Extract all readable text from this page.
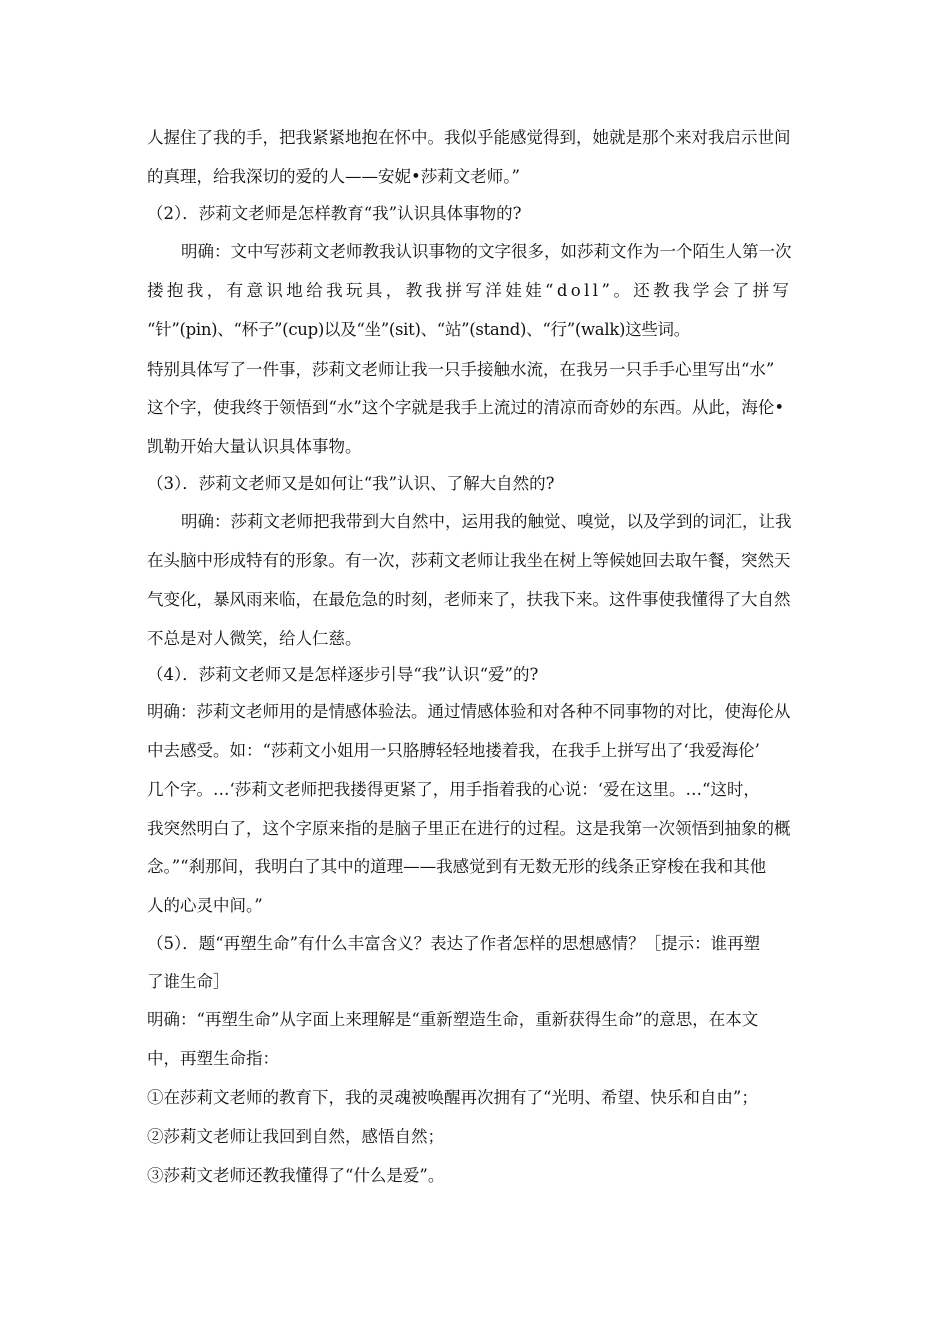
人握住了我的手，把我紧紧地抱在怀中。我似乎能感觉得到，她就是那个来对我启示世间
的真理，给我深切的爱的人——安妮•莎莉文老师。”
（2）．莎莉文老师是怎样教育“我”认识具体事物的?
明确：文中写莎莉文老师教我认识事物的文字很多，如莎莉文作为一个陌生人第一次
搂抱我，有意识地给我玩具，教我拼写洋娃娃“doll”。还教我学会了拼写
“针”(pin)、“杯子”(cup)以及“坐”(sit)、“站”(stand)、“行”(walk)这些词。
特别具体写了一件事，莎莉文老师让我一只手接触水流，在我另一只手手心里写出“水”
这个字，使我终于领悟到“水”这个字就是我手上流过的清凉而奇妙的东西。从此，海伦•
凯勒开始大量认识具体事物。
（3）．莎莉文老师又是如何让“我”认识、了解大自然的?
明确：莎莉文老师把我带到大自然中，运用我的触觉、嗅觉，以及学到的词汇，让我
在头脑中形成特有的形象。有一次，莎莉文老师让我坐在树上等候她回去取午餐，突然天
气变化，暴风雨来临，在最危急的时刻，老师来了，扶我下来。这件事使我懂得了大自然
不总是对人微笑，给人仁慈。
（4）．莎莉文老师又是怎样逐步引导“我”认识“爱”的?
明确：莎莉文老师用的是情感体验法。通过情感体验和对各种不同事物的对比，使海伦从
中去感受。如：“莎莉文小姐用一只胳膊轻轻地搂着我，在我手上拼写出了‘我爱海伦’
几个字。…‘莎莉文老师把我搂得更紧了，用手指着我的心说：‘爱在这里。…“这时，
我突然明白了，这个字原来指的是脑子里正在进行的过程。这是我第一次领悟到抽象的概
念。”“刹那间，我明白了其中的道理——我感觉到有无数无形的线条正穿梭在我和其他
人的心灵中间。”
（5）．题“再塑生命”有什么丰富含义？表达了作者怎样的思想感情？［提示：谁再塑
了谁生命］
明确：“再塑生命”从字面上来理解是“重新塑造生命，重新获得生命”的意思，在本文
中，再塑生命指：
①在莎莉文老师的教育下，我的灵魂被唤醒再次拥有了“光明、希望、快乐和自由”；
②莎莉文老师让我回到自然，感悟自然；
③莎莉文老师还教我懂得了“什么是爱”。
